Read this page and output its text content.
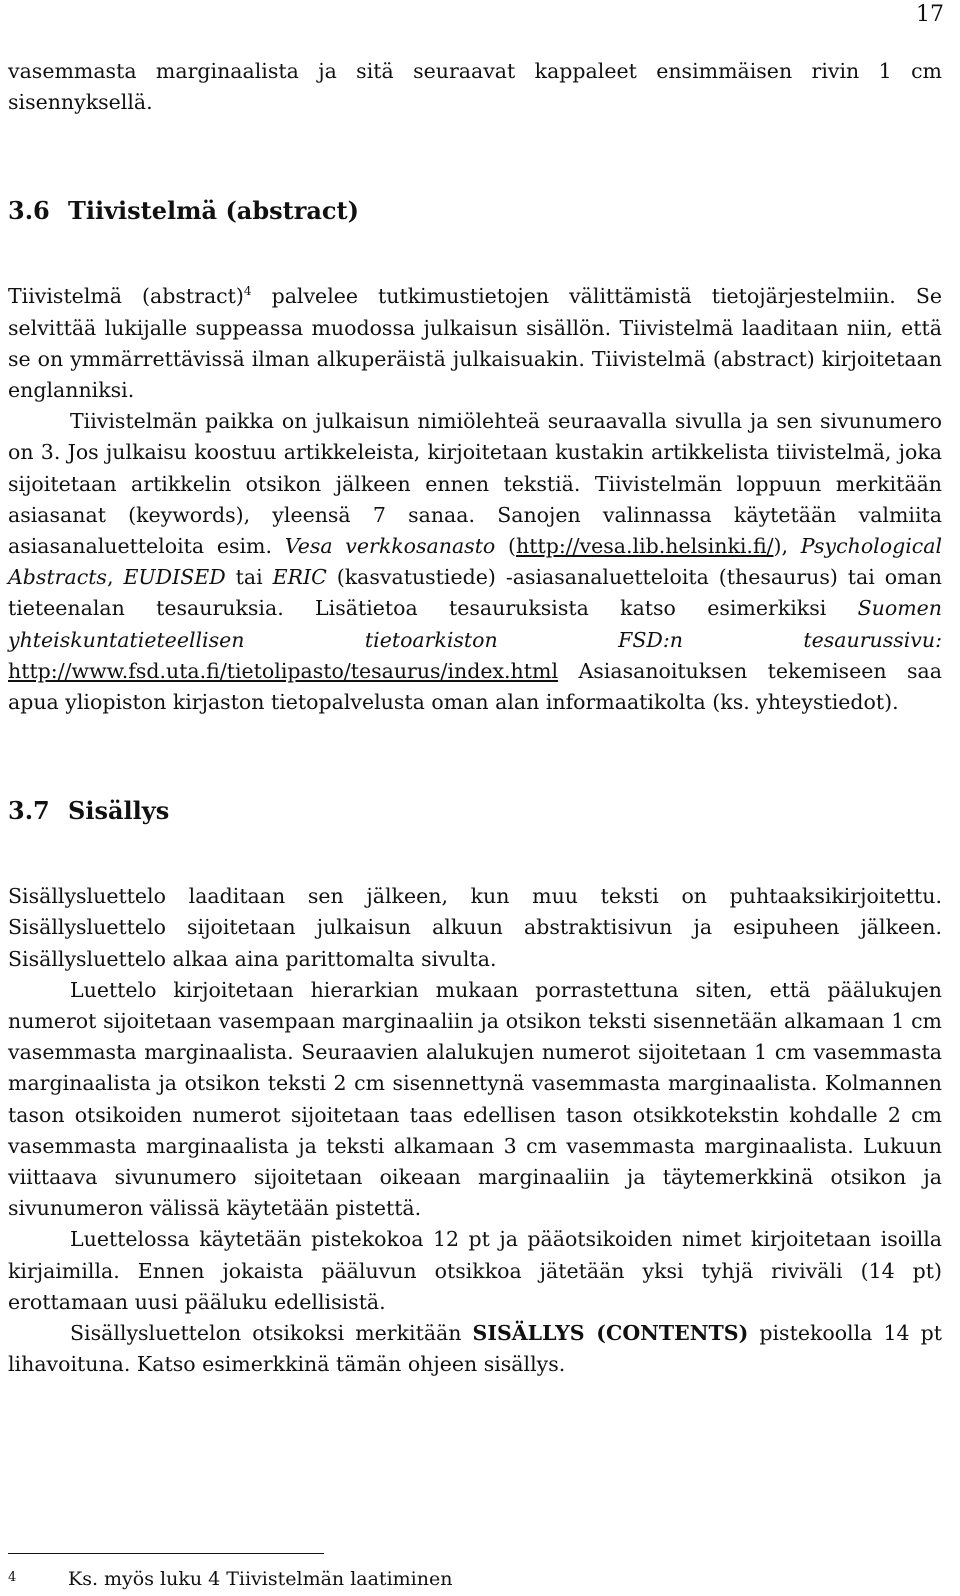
17

vasemmasta marginaalista ja sitä seuraavat kappaleet ensimmäisen rivin 1 cm sisennyksellä.

3.6 Tiivistelmä (abstract)

Tiivistelmä (abstract)$^4$ palvelee tutkimustietojen välittämistä tietojärjestelmiin. Se selvittää lukijalle suppeassa muodossa julkaisun sisällön. Tiivistelmä laaditaan niin, että se on ymmärrettävissä ilman alkuperäistä julkaisuakin. Tiivistelmä (abstract) kirjoitetaan englanniksi.

Tiivistelmän paikka on julkaisun nimiölehteä seuraavalla sivulla ja sen sivunumero on 3. Jos julkaisu koostuu artikkeleista, kirjoitetaan kustakin artikkelista tiivistelmä, joka sijoitetaan artikkelin otsikon jälkeen ennen tekstiä. Tiivistelmän loppuun merkitään asiasanat (keywords), yleensä 7 sanaa. Sanojen valinnassa käytetään valmiita asiasanaluetteloita esim. Vesa verkkosanasto (http://vesa.lib.helsinki.fi/), Psychological Abstracts, EUDISED tai ERIC (kasvatustiede) -asiasanaluetteloita (thesaurus) tai oman tieteenalan tesauruksia. Lisätietoa tesauruksista katso esimerkiksi Suomen yhteiskuntatieteellisen tietoarkiston FSD:n tesaurussivu: http://www.fsd.uta.fi/tietolipasto/tesaurus/index.html Asiasanoituksen tekemiseen saa apua yliopiston kirjaston tietopalvelusta oman alan informaatikolta (ks. yhteystiedot).

3.7 Sisällys

Sisällysluettelo laaditaan sen jälkeen, kun muu teksti on puhtaaksikirjoitettu. Sisällysluettelo sijoitetaan julkaisun alkuun abstraktisivun ja esipuheen jälkeen. Sisällysluettelo alkaa aina parittomalta sivulta.

Luettelo kirjoitetaan hierarkian mukaan porrastettuna siten, että päälukujen numerot sijoitetaan vasempaan marginaaliin ja otsikon teksti sisennetään alkamaan 1 cm vasemmasta marginaalista. Seuraavien alalukujen numerot sijoitetaan 1 cm vasemmasta marginaalista ja otsikon teksti 2 cm sisennettynä vasemmasta marginaalista. Kolmannen tason otsikoiden numerot sijoitetaan taas edellisen tason otsikkotekstin kohdalle 2 cm vasemmasta marginaalista ja teksti alkamaan 3 cm vasemmasta marginaalista. Lukuun viittaava sivunumero sijoitetaan oikeaan marginaaliin ja täytemerkkinä otsikon ja sivunumeron välissä käytetään pistettä.

Luettelossa käytetään pistekokoa 12 pt ja pääotsikoiden nimet kirjoitetaan isoilla kirjaimilla. Ennen jokaista pääluvun otsikkoa jätetään yksi tyhjä riviväli (14 pt) erottamaan uusi pääluku edellisistä.

Sisällysluettelon otsikoksi merkitään SISÄLLYS (CONTENTS) pistekoolla 14 pt lihavoituna. Katso esimerkkinä tämän ohjeen sisällys.

4	Ks. myös luku 4 Tiivistelmän laatiminen
